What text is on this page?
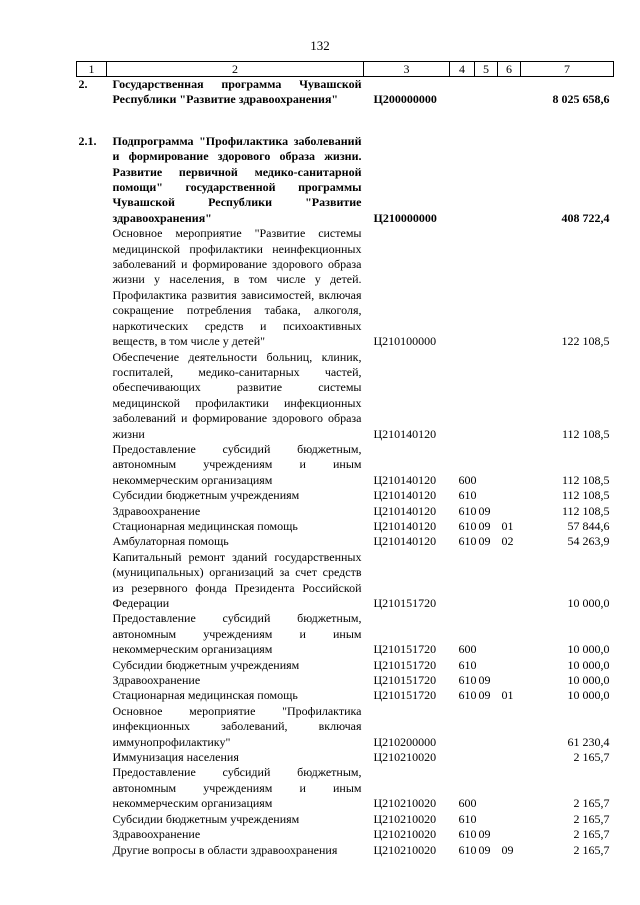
132
1	2	3	4	5	6	7
2.	Государственная программа Чувашской Республики "Развитие здравоохранения"	Ц200000000				8 025 658,6

2.1.	Подпрограмма "Профилактика заболеваний и формирование здорового образа жизни. Развитие первичной медико-санитарной помощи" государственной программы Чувашской Республики "Развитие здравоохранения"	Ц210000000				408 722,4
	Основное мероприятие "Развитие системы медицинской профилактики неинфекционных заболеваний и формирование здорового образа жизни у населения, в том числе у детей. Профилактика развития зависимостей, включая сокращение потребления табака, алкоголя, наркотических средств и психоактивных веществ, в том числе у детей"	Ц210100000				122 108,5
	Обеспечение деятельности больниц, клиник, госпиталей, медико-санитарных частей, обеспечивающих развитие системы медицинской профилактики инфекционных заболеваний и формирование здорового образа жизни	Ц210140120				112 108,5
	Предоставление субсидий бюджетным, автономным учреждениям и иным некоммерческим организациям	Ц210140120	600			112 108,5
	Субсидии бюджетным учреждениям	Ц210140120	610			112 108,5
	Здравоохранение	Ц210140120	610	09		112 108,5
	Стационарная медицинская помощь	Ц210140120	610	09	01	57 844,6
	Амбулаторная помощь	Ц210140120	610	09	02	54 263,9
	Капитальный ремонт зданий государственных (муниципальных) организаций за счет средств из резервного фонда Президента Российской Федерации	Ц210151720				10 000,0
	Предоставление субсидий бюджетным, автономным учреждениям и иным некоммерческим организациям	Ц210151720	600			10 000,0
	Субсидии бюджетным учреждениям	Ц210151720	610			10 000,0
	Здравоохранение	Ц210151720	610	09		10 000,0
	Стационарная медицинская помощь	Ц210151720	610	09	01	10 000,0
	Основное мероприятие "Профилактика инфекционных заболеваний, включая иммунопрофилактику"	Ц210200000				61 230,4
	Иммунизация населения	Ц210210020				2 165,7
	Предоставление субсидий бюджетным, автономным учреждениям и иным некоммерческим организациям	Ц210210020	600			2 165,7
	Субсидии бюджетным учреждениям	Ц210210020	610			2 165,7
	Здравоохранение	Ц210210020	610	09		2 165,7
	Другие вопросы в области здравоохранения	Ц210210020	610	09	09	2 165,7
